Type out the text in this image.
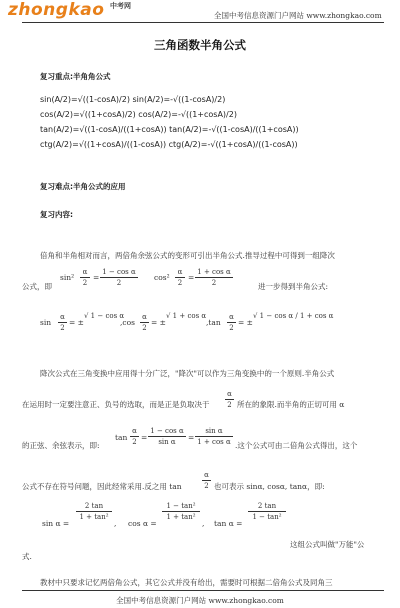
zhongkao 中考网
全国中考信息资源门户网站 www.zhongkao.com
三角函数半角公式
复习重点:半角角公式
sin(A/2)=√((1-cosA)/2) sin(A/2)=-√((1-cosA)/2)
cos(A/2)=√((1+cosA)/2) cos(A/2)=-√((1+cosA)/2)
tan(A/2)=√((1-cosA)/((1+cosA)) tan(A/2)=-√((1-cosA)/((1+cosA))
ctg(A/2)=√((1+cosA)/((1-cosA)) ctg(A/2)=-√((1+cosA)/((1-cosA))
复习难点:半角公式的应用
复习内容:
倍角和半角相对而言，两倍角余弦公式的变形可引出半角公式.推导过程中可得到一组降次
公式，即
sin²
α
2
=
1 − cos α
2
cos²
α
2
=
1 + cos α
2	进一步得到半角公式:
sin
α
2
= ±
√ 1 − cos α
,cos
α
2
= ±
√ 1 + cos α
,tan
α
2
= ±
√ 1 − cos α / 1 + cos α
降次公式在三角变换中应用得十分广泛，"降次"可以作为三角变换中的一个原则.半角公式
在运用时一定要注意正、负号的选取，而是正是负取决于
α
2 所在的象限.而半角的正切可用 α
的正弦、余弦表示，即:
tan
α
2 =
1 − cos α
sin α	=
sin α
1 + cos α .这个公式可由二倍角公式得出，这个
公式不存在符号问题，因此经常采用.反之用 tan
α
2 也可表示 sinα, cosα, tanα，即:
sin α =
2 tan
1 + tan²
, cos α =
1 − tan²
1 + tan²
, tan α =
2 tan
1 − tan²
这组公式叫做"万能"公
式.
教材中只要求记忆两倍角公式，其它公式并没有给出，需要时可根据二倍角公式及同角三
全国中考信息资源门户网站 www.zhongkao.com
